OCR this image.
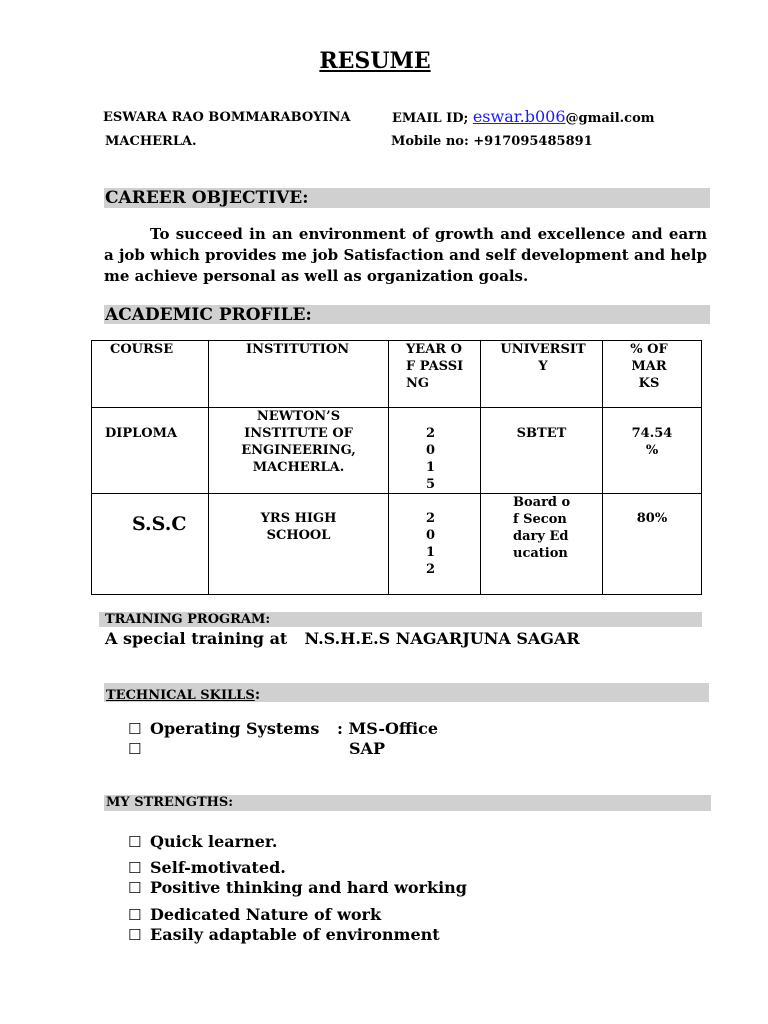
RESUME
ESWARA RAO BOMMARABOYINA	EMAIL ID; eswar.b006@gmail.com
MACHERLA.	Mobile no: +917095485891
CAREER OBJECTIVE:
To succeed in an environment of growth and excellence and earn a job which provides me job Satisfaction and self development and help me achieve personal as well as organization goals.
ACADEMIC PROFILE:
COURSE	INSTITUTION	YEAR OF PASSING	UNIVERSITY	% OF MARKS

DIPLOMA	NEWTON’S INSTITUTE OF ENGINEERING, MACHERLA.	2015	SBTET	74.54 %

S.S.C	YRS HIGH SCHOOL	2012	Board of Secondary Education	80%
TRAINING PROGRAM:
A special training at N.S.H.E.S NAGARJUNA SAGAR
TECHNICAL SKILLS:
☐ Operating Systems : MS-Office
☐	SAP
MY STRENGTHS:
☐ Quick learner.
☐ Self-motivated.
☐ Positive thinking and hard working
☐ Dedicated Nature of work
☐ Easily adaptable of environment
